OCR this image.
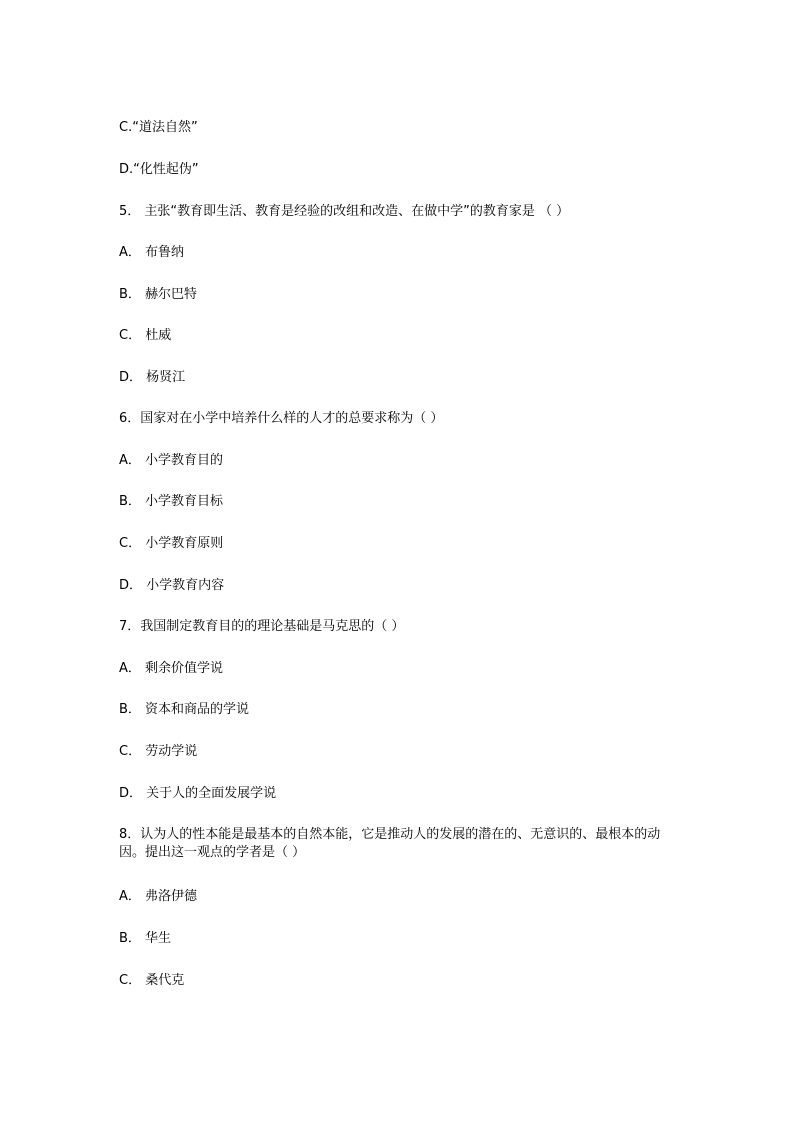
C.“道法自然”
D.“化性起伪”
5． 主张“教育即生活、教育是经验的改组和改造、在做中学”的教育家是 （ ）
A． 布鲁纳
B． 赫尔巴特
C． 杜威
D． 杨贤江
6．国家对在小学中培养什么样的人才的总要求称为（ ）
A． 小学教育目的
B． 小学教育目标
C． 小学教育原则
D． 小学教育内容
7．我国制定教育目的的理论基础是马克思的（ ）
A． 剩余价值学说
B． 资本和商品的学说
C． 劳动学说
D． 关于人的全面发展学说
8．认为人的性本能是最基本的自然本能，它是推动人的发展的潜在的、无意识的、最根本的动因。提出这一观点的学者是（ ）
A． 弗洛伊德
B． 华生
C． 桑代克
